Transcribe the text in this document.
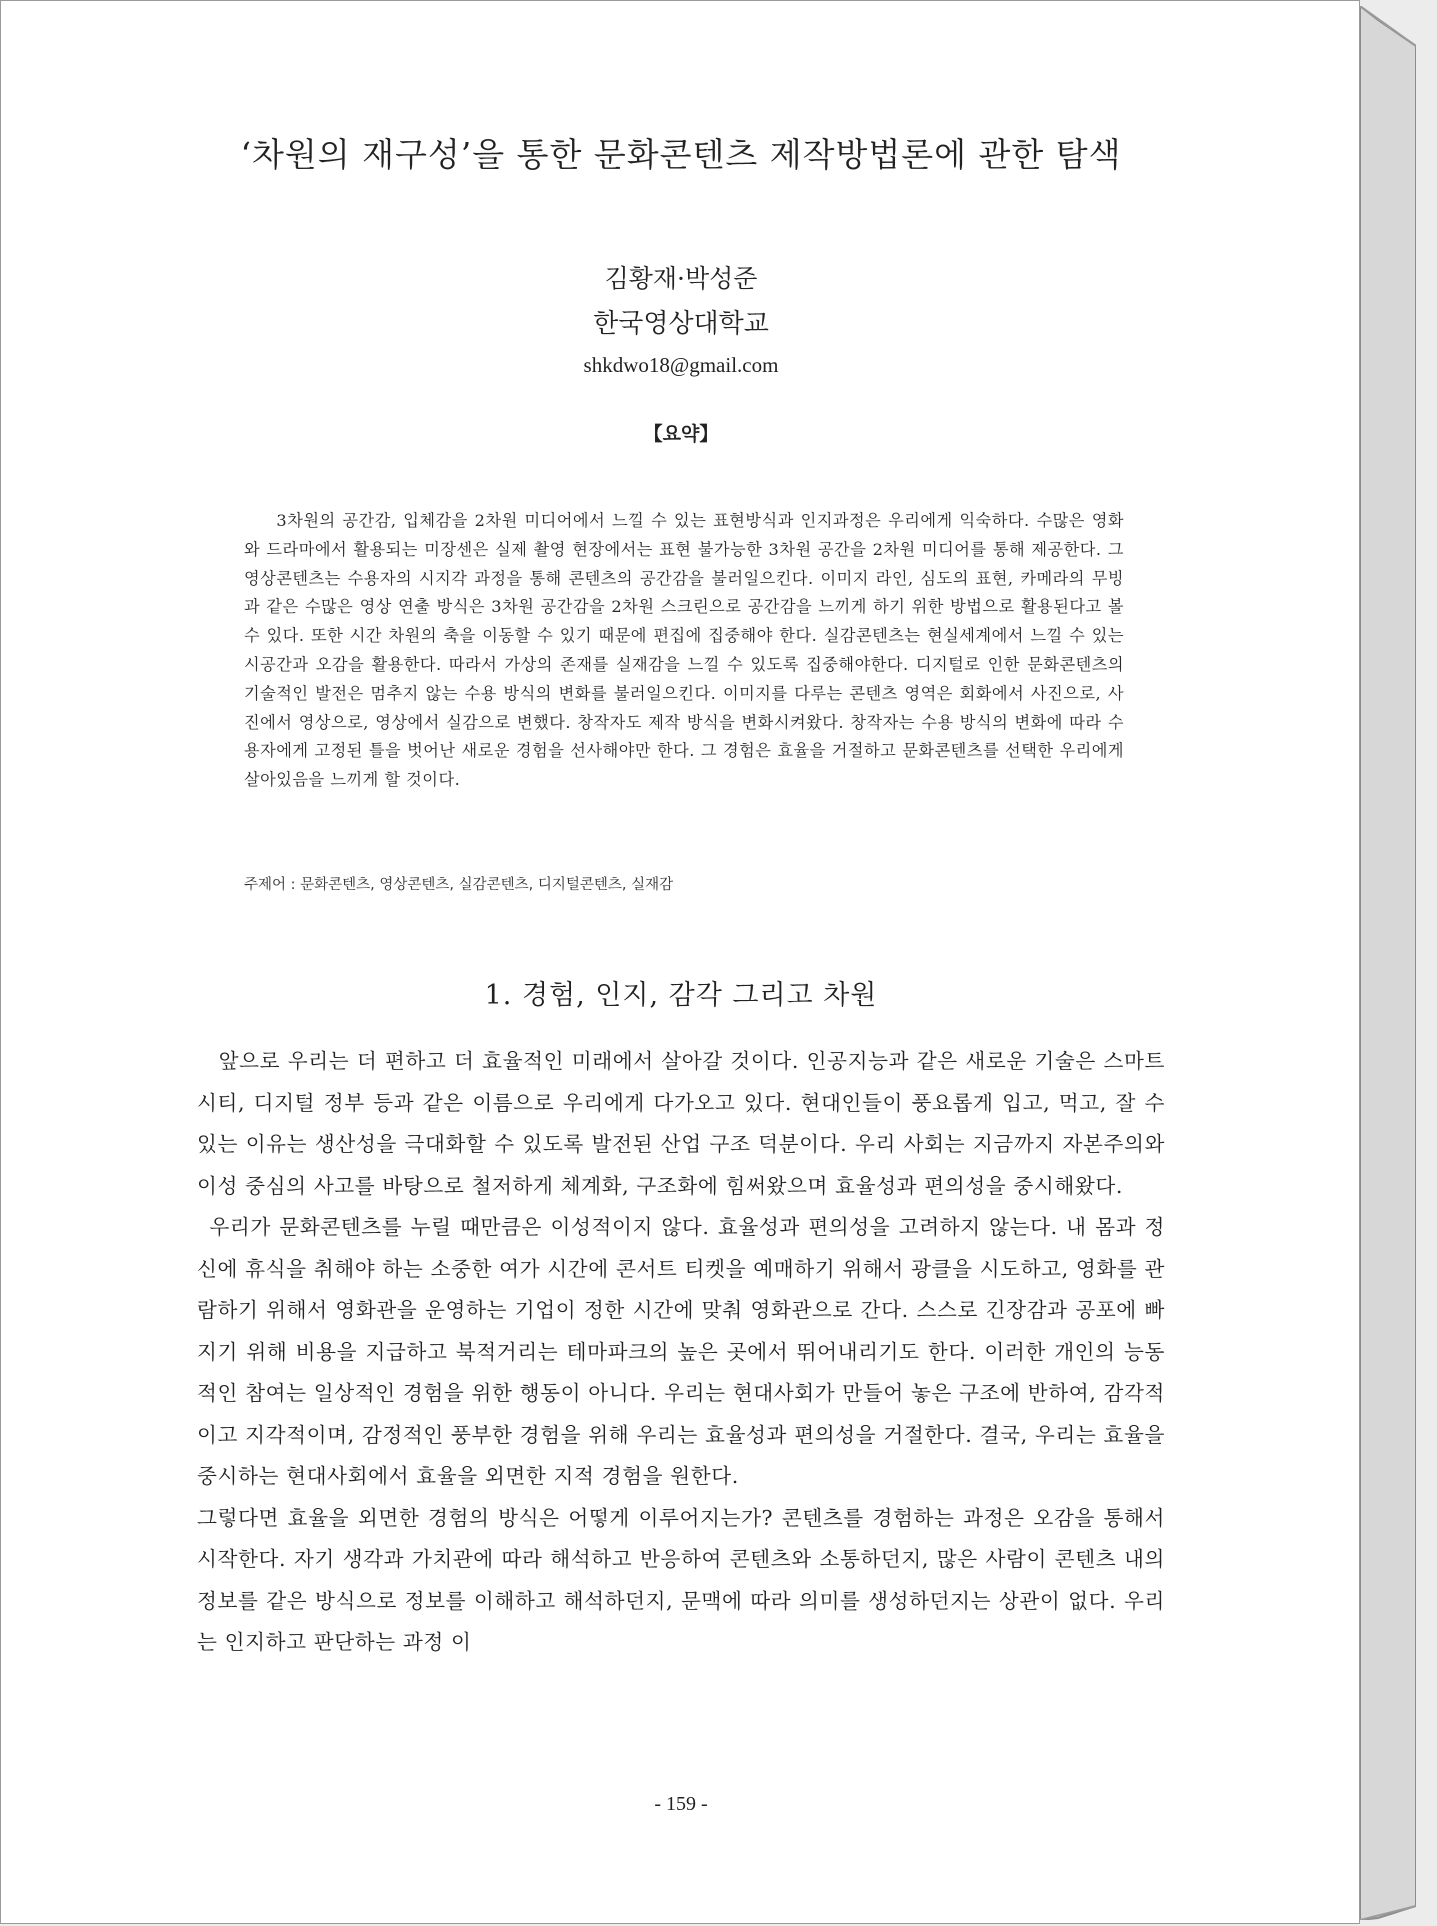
‘차원의 재구성’을 통한 문화콘텐츠 제작방법론에 관한 탐색
김황재·박성준
한국영상대학교
shkdwo18@gmail.com
【요약】
3차원의 공간감, 입체감을 2차원 미디어에서 느낄 수 있는 표현방식과 인지과정은 우리에게 익숙하다. 수많은 영화와 드라마에서 활용되는 미장센은 실제 촬영 현장에서는 표현 불가능한 3차원 공간을 2차원 미디어를 통해 제공한다. 그 영상콘텐츠는 수용자의 시지각 과정을 통해 콘텐츠의 공간감을 불러일으킨다. 이미지 라인, 심도의 표현, 카메라의 무빙과 같은 수많은 영상 연출 방식은 3차원 공간감을 2차원 스크린으로 공간감을 느끼게 하기 위한 방법으로 활용된다고 볼 수 있다. 또한 시간 차원의 축을 이동할 수 있기 때문에 편집에 집중해야 한다. 실감콘텐츠는 현실세계에서 느낄 수 있는 시공간과 오감을 활용한다. 따라서 가상의 존재를 실재감을 느낄 수 있도록 집중해야한다. 디지털로 인한 문화콘텐츠의 기술적인 발전은 멈추지 않는 수용 방식의 변화를 불러일으킨다. 이미지를 다루는 콘텐츠 영역은 회화에서 사진으로, 사진에서 영상으로, 영상에서 실감으로 변했다. 창작자도 제작 방식을 변화시켜왔다. 창작자는 수용 방식의 변화에 따라 수용자에게 고정된 틀을 벗어난 새로운 경험을 선사해야만 한다. 그 경험은 효율을 거절하고 문화콘텐츠를 선택한 우리에게 살아있음을 느끼게 할 것이다.
주제어 : 문화콘텐츠, 영상콘텐츠, 실감콘텐츠, 디지털콘텐츠, 실재감
1. 경험, 인지, 감각 그리고 차원

앞으로 우리는 더 편하고 더 효율적인 미래에서 살아갈 것이다. 인공지능과 같은 새로운 기술은 스마트 시티, 디지털 정부 등과 같은 이름으로 우리에게 다가오고 있다. 현대인들이 풍요롭게 입고, 먹고, 잘 수 있는 이유는 생산성을 극대화할 수 있도록 발전된 산업 구조 덕분이다. 우리 사회는 지금까지 자본주의와 이성 중심의 사고를 바탕으로 철저하게 체계화, 구조화에 힘써왔으며 효율성과 편의성을 중시해왔다.

우리가 문화콘텐츠를 누릴 때만큼은 이성적이지 않다. 효율성과 편의성을 고려하지 않는다. 내 몸과 정신에 휴식을 취해야 하는 소중한 여가 시간에 콘서트 티켓을 예매하기 위해서 광클을 시도하고, 영화를 관람하기 위해서 영화관을 운영하는 기업이 정한 시간에 맞춰 영화관으로 간다. 스스로 긴장감과 공포에 빠지기 위해 비용을 지급하고 북적거리는 테마파크의 높은 곳에서 뛰어내리기도 한다. 이러한 개인의 능동적인 참여는 일상적인 경험을 위한 행동이 아니다. 우리는 현대사회가 만들어 놓은 구조에 반하여, 감각적이고 지각적이며, 감정적인 풍부한 경험을 위해 우리는 효율성과 편의성을 거절한다. 결국, 우리는 효율을 중시하는 현대사회에서 효율을 외면한 지적 경험을 원한다.

그렇다면 효율을 외면한 경험의 방식은 어떻게 이루어지는가? 콘텐츠를 경험하는 과정은 오감을 통해서 시작한다. 자기 생각과 가치관에 따라 해석하고 반응하여 콘텐츠와 소통하던지, 많은 사람이 콘텐츠 내의 정보를 같은 방식으로 정보를 이해하고 해석하던지, 문맥에 따라 의미를 생성하던지는 상관이 없다. 우리는 인지하고 판단하는 과정 이

- 159 -
